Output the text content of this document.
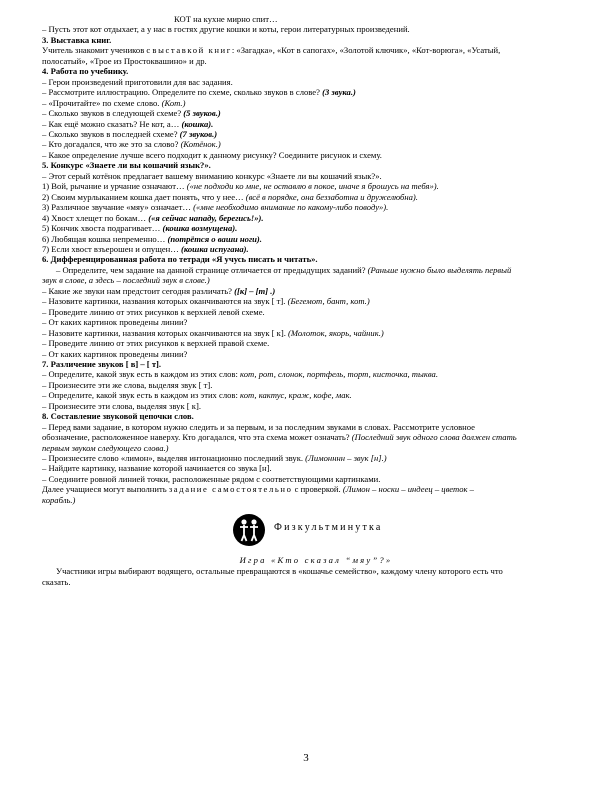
КОТ на кухне мирно спит…
– Пусть этот кот отдыхает, а у нас в гостях другие кошки и коты, герои литературных произведений.
3. Выставка книг.
Учитель знакомит учеников с выставкой книг: «Загадка», «Кот в сапогах», «Золотой ключик», «Кот-ворюга», «Усатый,
полосатый», «Трое из Простоквашино» и др.
4. Работа по учебнику.
– Герои произведений приготовили для вас задания.
– Рассмотрите иллюстрацию. Определите по схеме, сколько звуков в слове? (3 звука.)
– «Прочитайте» по схеме слово. (Кот.)
– Сколько звуков в следующей схеме? (5 звуков.)
– Как ещё можно сказать? Не кот, а… (кошка).
– Сколько звуков в последней схеме? (7 звуков.)
– Кто догадался, что же это за слово? (Котёнок.)
– Какое определение лучше всего подходит к данному рисунку? Соедините рисунок и схему.
5. Конкурс «Знаете ли вы кошачий язык?».
– Этот серый котёнок предлагает вашему вниманию конкурс «Знаете ли вы кошачий язык?».
1) Вой, рычание и урчание означают… («не подходи ко мне, не оставлю в покое, иначе я брошусь на тебя»).
2) Своим мурлыканием кошка дает понять, что у нее… (всё в порядке, она беззаботна и дружелюбна).
3) Различное звучание «мяу» означает… («мне необходимо внимание по какому-либо поводу»).
4) Хвост хлещет по бокам… («я сейчас нападу, берегись!»).
5) Кончик хвоста подрагивает… (кошка возмущена).
6) Любящая кошка непременно… (потрётся о ваши ноги).
7) Если хвост взъерошен и опущен… (кошка испугана).
6. Дифференцированная работа по тетради «Я учусь писать и читать».
– Определите, чем задание на данной странице отличается от предыдущих заданий? (Раньше нужно было выделять первый
звук в слове, а здесь – последний звук в слове.)
– Какие же звуки нам предстоит сегодня различать? ([к] – [т] .)
– Назовите картинки, названия которых оканчиваются на звук [ т]. (Бегемот, бант, кот.)
– Проведите линию от этих рисунков к верхней левой схеме.
– От каких картинок проведены линии?
– Назовите картинки, названия которых оканчиваются на звук [ к]. (Молоток, якорь, чайник.)
– Проведите линию от этих рисунков к верхней правой схеме.
– От каких картинок проведены линии?
7. Различение звуков [ в] – [ т].
– Определите, какой звук есть в каждом из этих слов: кот, рот, слонок, портфель, торт, кисточка, тыква.
– Произнесите эти же слова, выделяя звук [ т].
– Определите, какой звук есть в каждом из этих слов: кот, кактус, краж, кофе, мак.
– Произнесите эти слова, выделяя звук [ к].
8. Составление звуковой цепочки слов.
– Перед вами задание, в котором нужно следить и за первым, и за последним звуками в словах. Рассмотрите условное
обозначение, расположенное наверху. Кто догадался, что эта схема может означать? (Последний звук одного слова должен стать
первым звуком следующего слова.)
– Произнесите слово «лимон», выделяя интонационно последний звук. (Лимонннн – звук [н].)
– Найдите картинку, название которой начинается со звука [н].
– Соедините ровной линией точки, расположенные рядом с соответствующими картинками.
Далее учащиеся могут выполнить задание самостоятельно с проверкой. (Лимон – носки – индеец – цветок –
корабль.)
Физкультминутка
Игра «Кто сказал “мяу”?»
Участники игры выбирают водящего, остальные превращаются в «кошачье семейство», каждому члену которого есть что
сказать.
3
